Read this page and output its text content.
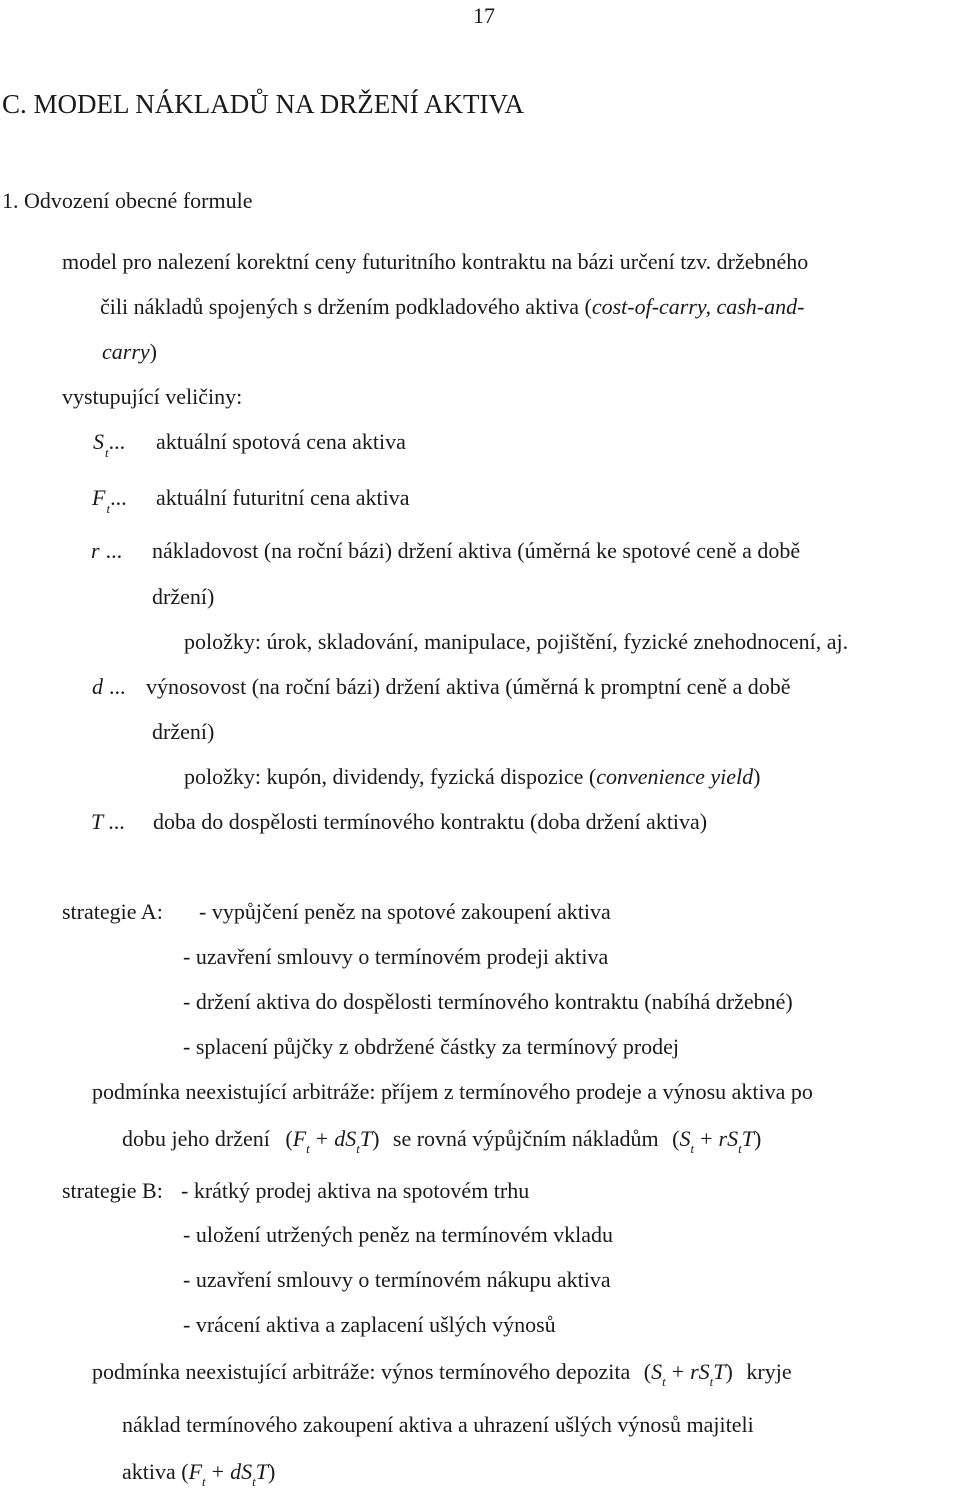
17
C. MODEL NÁKLADŮ NA DRŽENÍ AKTIVA
1. Odvození obecné formule
model pro nalezení korektní ceny futuritního kontraktu na bázi určení tzv. držebného
čili nákladů spojených s držením podkladového aktiva (cost-of-carry, cash-and-
carry)
vystupující veličiny:
$S_t$... aktuální spotová cena aktiva
$F_t$... aktuální futuritní cena aktiva
r ... nákladovost (na roční bázi) držení aktiva (úměrná ke spotové ceně a době
držení)
položky: úrok, skladování, manipulace, pojištění, fyzické znehodnocení, aj.
d ... výnosovost (na roční bázi) držení aktiva (úměrná k promptní ceně a době
držení)
položky: kupón, dividendy, fyzická dispozice (convenience yield)
T ... doba do dospělosti termínového kontraktu (doba držení aktiva)
strategie A: - vypůjčení peněz na spotové zakoupení aktiva
- uzavření smlouvy o termínovém prodeji aktiva
- držení aktiva do dospělosti termínového kontraktu (nabíhá držebné)
- splacení půjčky z obdržené částky za termínový prodej
podmínka neexistující arbitráže: příjem z termínového prodeje a výnosu aktiva po
dobu jeho držení $(F_t + dS_tT)$ se rovná výpůjčním nákladům $(S_t + rS_tT)$
strategie B: - krátký prodej aktiva na spotovém trhu
- uložení utržených peněz na termínovém vkladu
- uzavření smlouvy o termínovém nákupu aktiva
- vrácení aktiva a zaplacení ušlých výnosů
podmínka neexistující arbitráže: výnos termínového depozita $(S_t + rS_tT)$ kryje
náklad termínového zakoupení aktiva a uhrazení ušlých výnosů majiteli
aktiva $(F_t + dS_tT)$
